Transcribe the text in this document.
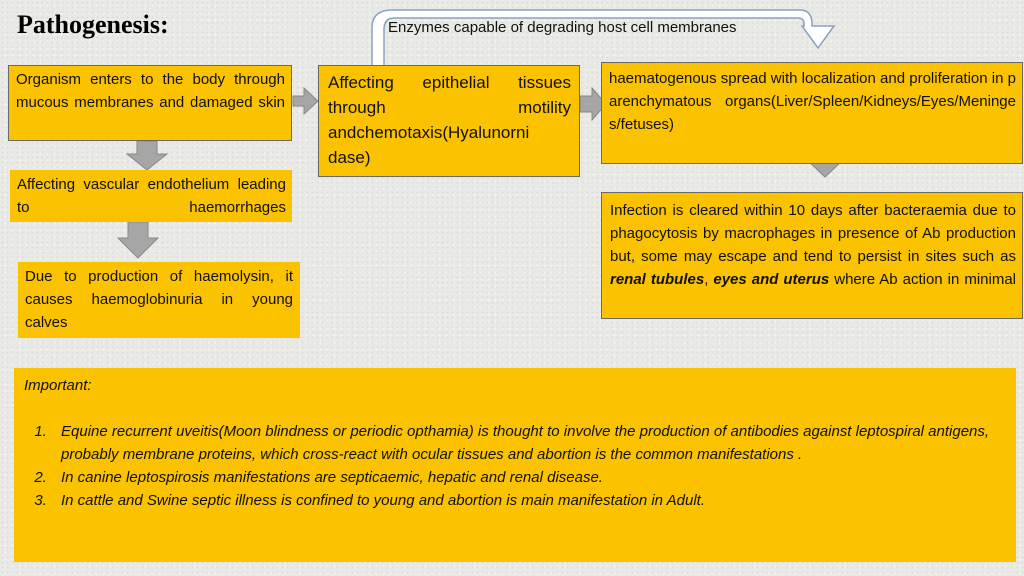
Pathogenesis:	Enzymes capable of degrading host cell membranes
Organism enters to the body through mucous membranes and damaged skin
Affecting vascular endothelium leading to haemorrhages
Due to production of haemolysin, it causes haemoglobinuria in young calves
Affecting epithelial tissues through motility andchemotaxis(Hyalunorni dase)
haematogenous spread with localization and proliferation in parenchymatous organs(Liver/Spleen/Kidneys/Eyes/Meninges/fetuses)
Infection is cleared within 10 days after bacteraemia due to phagocytosis by macrophages in presence of Ab production but, some may escape and tend to persist in sites such as renal tubules, eyes and uterus where Ab action in minimal
Important:
1. Equine recurrent uveitis(Moon blindness or periodic opthamia) is thought to involve the production of antibodies against leptospiral antigens, probably membrane proteins, which cross-react with ocular tissues and abortion is the common manifestations .
2. In canine leptospirosis manifestations are septicaemic, hepatic and renal disease.
3. In cattle and Swine septic illness is confined to young and abortion is main manifestation in Adult.
